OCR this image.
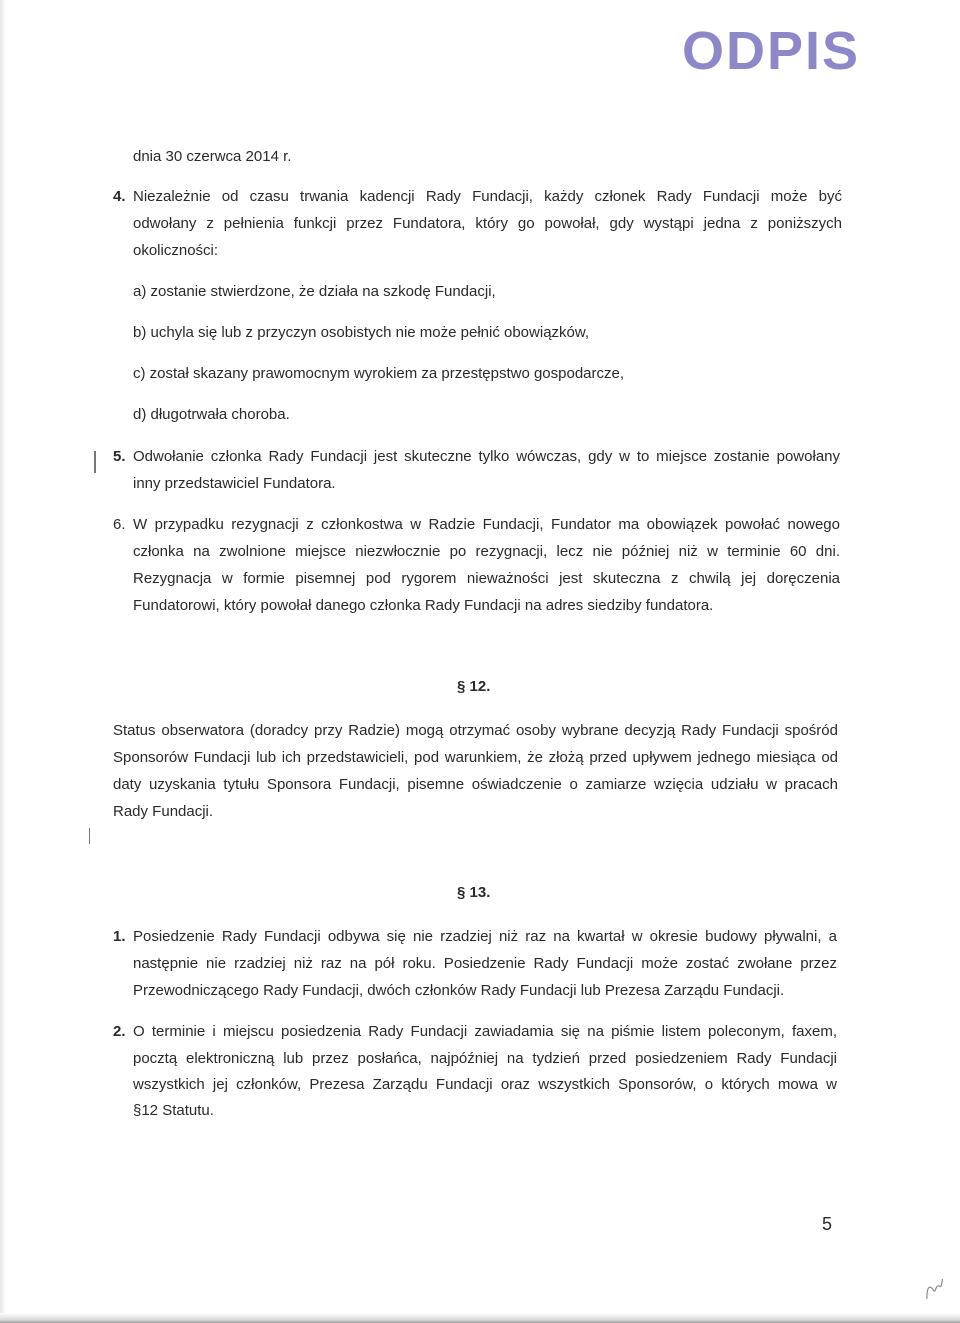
ODPIS
dnia 30 czerwca 2014 r.
4. Niezależnie od czasu trwania kadencji Rady Fundacji, każdy członek Rady Fundacji może być
odwołany z pełnienia funkcji przez Fundatora, który go powołał, gdy wystąpi jedna z poniższych
okoliczności:
a) zostanie stwierdzone, że działa na szkodę Fundacji,
b) uchyla się lub z przyczyn osobistych nie może pełnić obowiązków,
c) został skazany prawomocnym wyrokiem za przestępstwo gospodarcze,
d) długotrwała choroba.
5. Odwołanie członka Rady Fundacji jest skuteczne tylko wówczas, gdy w to miejsce zostanie powołany
inny przedstawiciel Fundatora.
6. W przypadku rezygnacji z członkostwa w Radzie Fundacji, Fundator ma obowiązek powołać nowego
członka na zwolnione miejsce niezwłocznie po rezygnacji, lecz nie później niż w terminie 60 dni.
Rezygnacja w formie pisemnej pod rygorem nieważności jest skuteczna z chwilą jej doręczenia
Fundatorowi, który powołał danego członka Rady Fundacji na adres siedziby fundatora.
§ 12.
Status obserwatora (doradcy przy Radzie) mogą otrzymać osoby wybrane decyzją Rady Fundacji spośród
Sponsorów Fundacji lub ich przedstawicieli, pod warunkiem, że złożą przed upływem jednego miesiąca od
daty uzyskania tytułu Sponsora Fundacji, pisemne oświadczenie o zamiarze wzięcia udziału w pracach
Rady Fundacji.
§ 13.
1. Posiedzenie Rady Fundacji odbywa się nie rzadziej niż raz na kwartał w okresie budowy pływalni, a
następnie nie rzadziej niż raz na pół roku. Posiedzenie Rady Fundacji może zostać zwołane przez
Przewodniczącego Rady Fundacji, dwóch członków Rady Fundacji lub Prezesa Zarządu Fundacji.
2. O terminie i miejscu posiedzenia Rady Fundacji zawiadamia się na piśmie listem poleconym, faxem,
pocztą elektroniczną lub przez posłańca, najpóźniej na tydzień przed posiedzeniem Rady Fundacji
wszystkich jej członków, Prezesa Zarządu Fundacji oraz wszystkich Sponsorów, o których mowa w
§12 Statutu.
5
